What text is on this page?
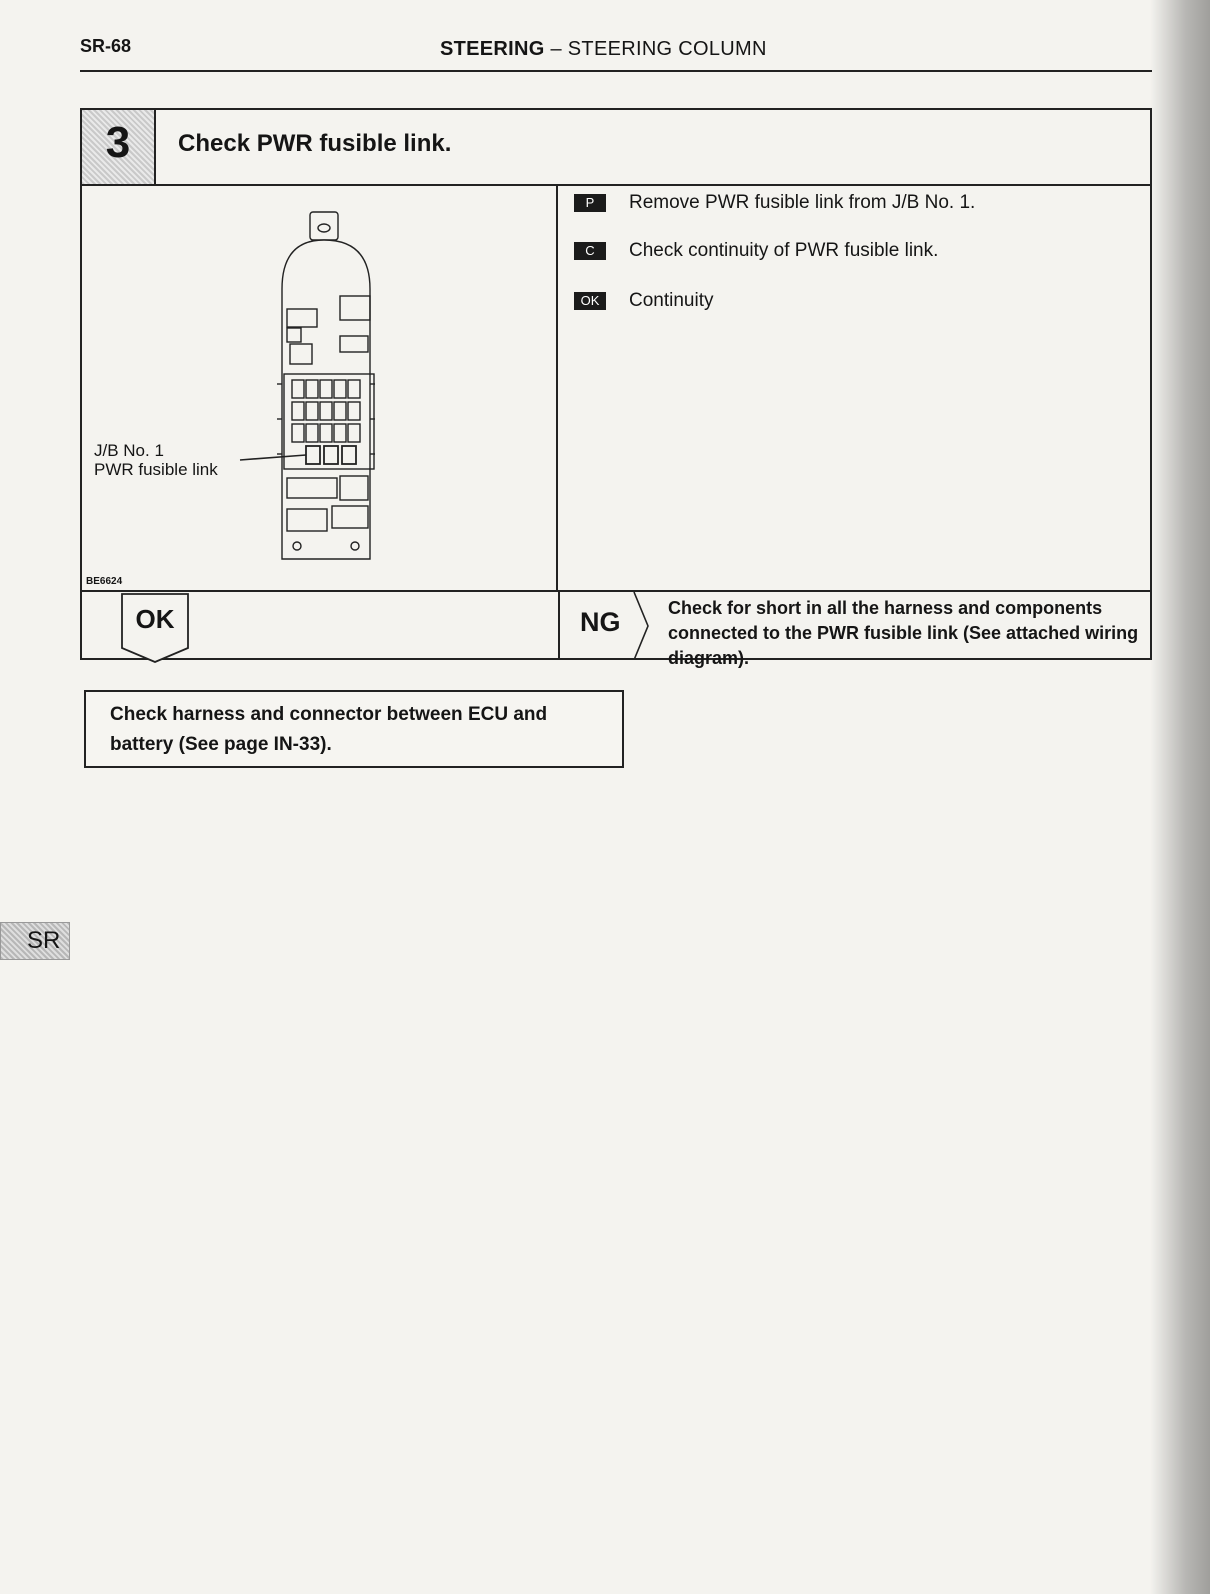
SR-68	STEERING – STEERING COLUMN
3	Check PWR fusible link.
J/B No. 1
PWR fusible link
BE6624
P	Remove PWR fusible link from J/B No. 1.
C	Check continuity of PWR fusible link.
OK	Continuity
NG	Check for short in all the harness and components connected to the PWR fusible link (See attached wiring diagram).
OK
Check harness and connector between ECU and battery (See page IN-33).
SR
